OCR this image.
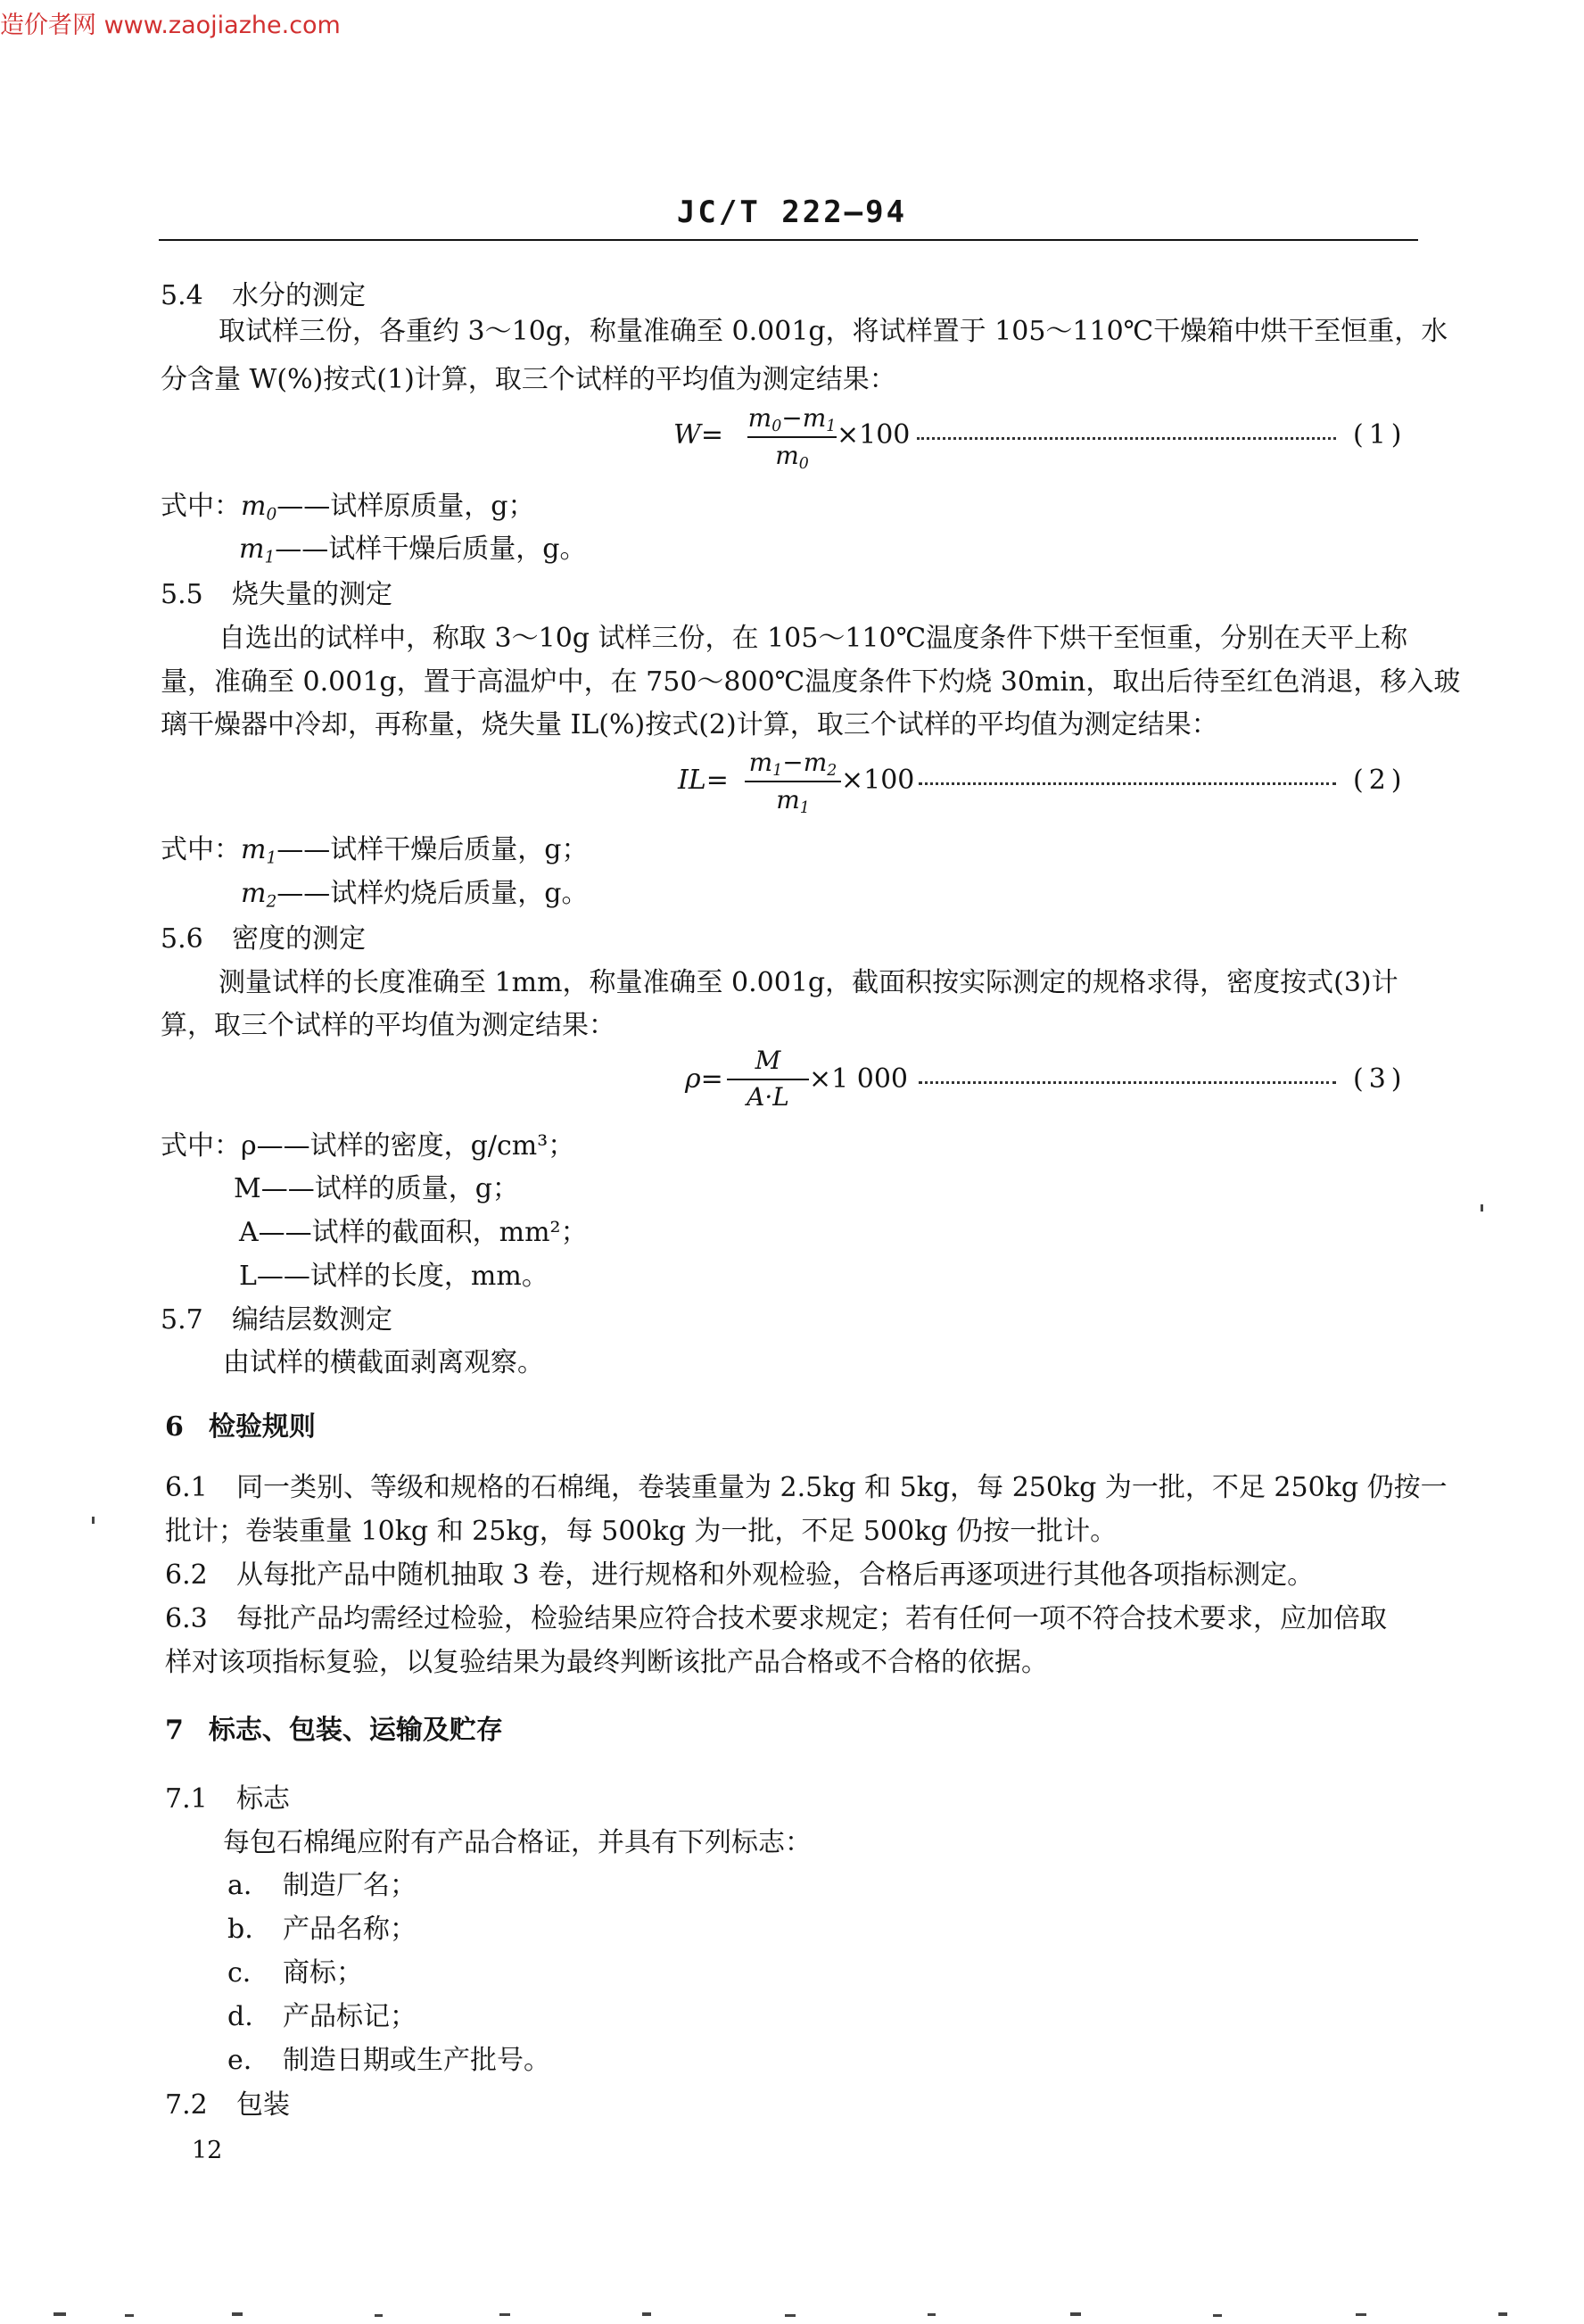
造价者网 www.zaojiazhe.com
JC/T 222—94
5.4 水分的测定
取试样三份，各重约 3～10g，称量准确至 0.001g，将试样置于 105～110℃干燥箱中烘干至恒重，水
分含量 W(%)按式(1)计算，取三个试样的平均值为测定结果：
W=
$m_0-m_1$
$m_0$
×100	(1)
式中：$m_0——$试样原质量，g；
$m_1——$试样干燥后质量，g。
5.5 烧失量的测定
自选出的试样中，称取 3～10g 试样三份，在 105～110℃温度条件下烘干至恒重，分别在天平上称
量，准确至 0.001g，置于高温炉中，在 750～800℃温度条件下灼烧 30min，取出后待至红色消退，移入玻
璃干燥器中冷却，再称量，烧失量 IL(%)按式(2)计算，取三个试样的平均值为测定结果：
IL=
$m_1-m_2$
$m_1$
×100	(2)
式中：$m_1——$试样干燥后质量，g；
$m_2——$试样灼烧后质量，g。
5.6 密度的测定
测量试样的长度准确至 1mm，称量准确至 0.001g，截面积按实际测定的规格求得，密度按式(3)计
算，取三个试样的平均值为测定结果：
ρ=
M
A·L
×1 000	(3)
式中：ρ——试样的密度，g/cm³；
M——试样的质量，g；
A——试样的截面积，mm²；
L——试样的长度，mm。
5.7 编结层数测定
由试样的横截面剥离观察。
6 检验规则
6.1 同一类别、等级和规格的石棉绳，卷装重量为 2.5kg 和 5kg，每 250kg 为一批，不足 250kg 仍按一
批计；卷装重量 10kg 和 25kg，每 500kg 为一批，不足 500kg 仍按一批计。
6.2 从每批产品中随机抽取 3 卷，进行规格和外观检验，合格后再逐项进行其他各项指标测定。
6.3 每批产品均需经过检验，检验结果应符合技术要求规定；若有任何一项不符合技术要求，应加倍取
样对该项指标复验，以复验结果为最终判断该批产品合格或不合格的依据。
7 标志、包装、运输及贮存
7.1 标志
每包石棉绳应附有产品合格证，并具有下列标志：
a. 制造厂名；
b. 产品名称；
c. 商标；
d. 产品标记；
e. 制造日期或生产批号。
7.2 包装
12
